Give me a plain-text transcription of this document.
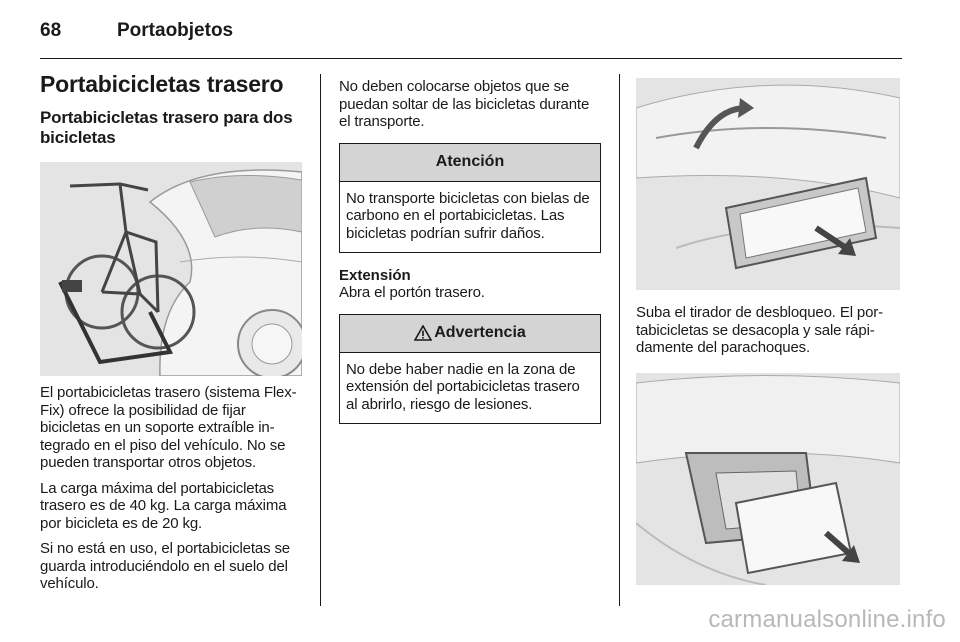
68	Portaobjetos
Portabicicletas trasero
Portabicicletas trasero para dos bicicletas

El portabicicletas trasero (sistema Flex-Fix) ofrece la posibilidad de fijar bicicletas en un soporte extraíble integrado en el piso del vehículo. No se pueden transportar otros objetos.

La carga máxima del portabicicletas trasero es de 40 kg. La carga máxima por bicicleta es de 20 kg.

Si no está en uso, el portabicicletas se guarda introduciéndolo en el suelo del vehículo.

No deben colocarse objetos que se puedan soltar de las bicicletas durante el transporte.

Atención
No transporte bicicletas con bielas de carbono en el portabicicletas. Las bicicletas podrían sufrir daños.
Extensión

Abra el portón trasero.

Advertencia
No debe haber nadie en la zona de extensión del portabicicletas trasero al abrirlo, riesgo de lesiones.

Suba el tirador de desbloqueo. El portabicicletas se desacopla y sale rápidamente del parachoques.

carmanualsonline.info
